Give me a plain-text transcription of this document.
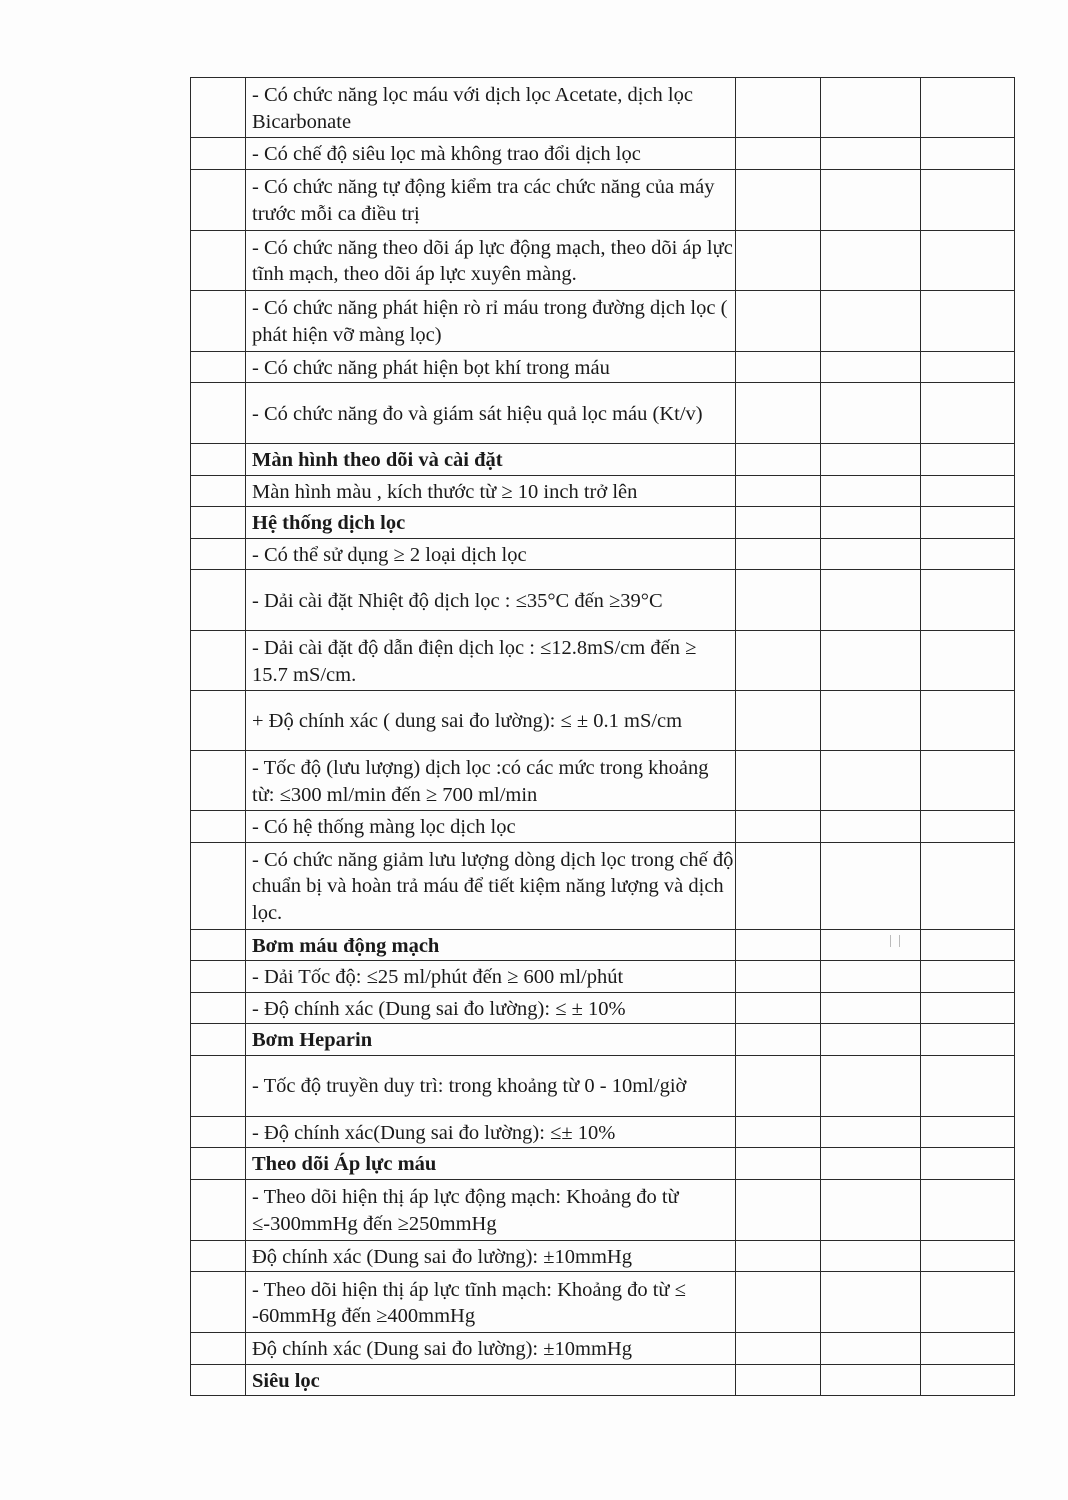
	- Có chức năng lọc máu với dịch lọc Acetate, dịch lọc Bicarbonate			
	- Có chế độ siêu lọc mà không trao đổi dịch lọc			
	- Có chức năng tự động kiểm tra các chức năng của máy trước mỗi ca điều trị			
	- Có chức năng theo dõi áp lực động mạch, theo dõi áp lực tĩnh mạch, theo dõi áp lực xuyên màng.			
	- Có chức năng phát hiện rò rỉ máu trong đường dịch lọc ( phát hiện vỡ màng lọc)			
	- Có chức năng phát hiện bọt khí trong máu			
	- Có chức năng đo và giám sát hiệu quả lọc máu (Kt/v)			
	Màn hình theo dõi và cài đặt			
	Màn hình màu , kích thước từ ≥ 10 inch trở lên			
	Hệ thống dịch lọc			
	- Có thể sử dụng ≥ 2 loại dịch lọc			
	- Dải cài đặt Nhiệt độ dịch lọc : ≤35°C đến ≥39°C			
	- Dải cài đặt độ dẫn điện dịch lọc : ≤12.8mS/cm đến ≥ 15.7 mS/cm.			
	+ Độ chính xác ( dung sai đo lường): ≤ ± 0.1 mS/cm			
	- Tốc độ (lưu lượng) dịch lọc :có các mức trong khoảng từ: ≤300 ml/min đến ≥ 700 ml/min			
	- Có hệ thống màng lọc dịch lọc			
	- Có chức năng giảm lưu lượng dòng dịch lọc trong chế độ chuẩn bị và hoàn trả máu để tiết kiệm năng lượng và dịch lọc.			
	Bơm máu động mạch			
	- Dải Tốc độ: ≤25 ml/phút đến ≥ 600 ml/phút			
	- Độ chính xác (Dung sai đo lường): ≤ ± 10%			
	Bơm Heparin			
	- Tốc độ truyền duy trì: trong khoảng từ 0 - 10ml/giờ			
	- Độ chính xác(Dung sai đo lường): ≤± 10%			
	Theo dõi Áp lực máu			
	- Theo dõi hiện thị áp lực động mạch: Khoảng đo từ ≤-300mmHg đến ≥250mmHg			
	Độ chính xác (Dung sai đo lường): ±10mmHg			
	- Theo dõi hiện thị áp lực tĩnh mạch: Khoảng đo từ ≤ -60mmHg đến ≥400mmHg			
	Độ chính xác (Dung sai đo lường): ±10mmHg			
	Siêu lọc			
